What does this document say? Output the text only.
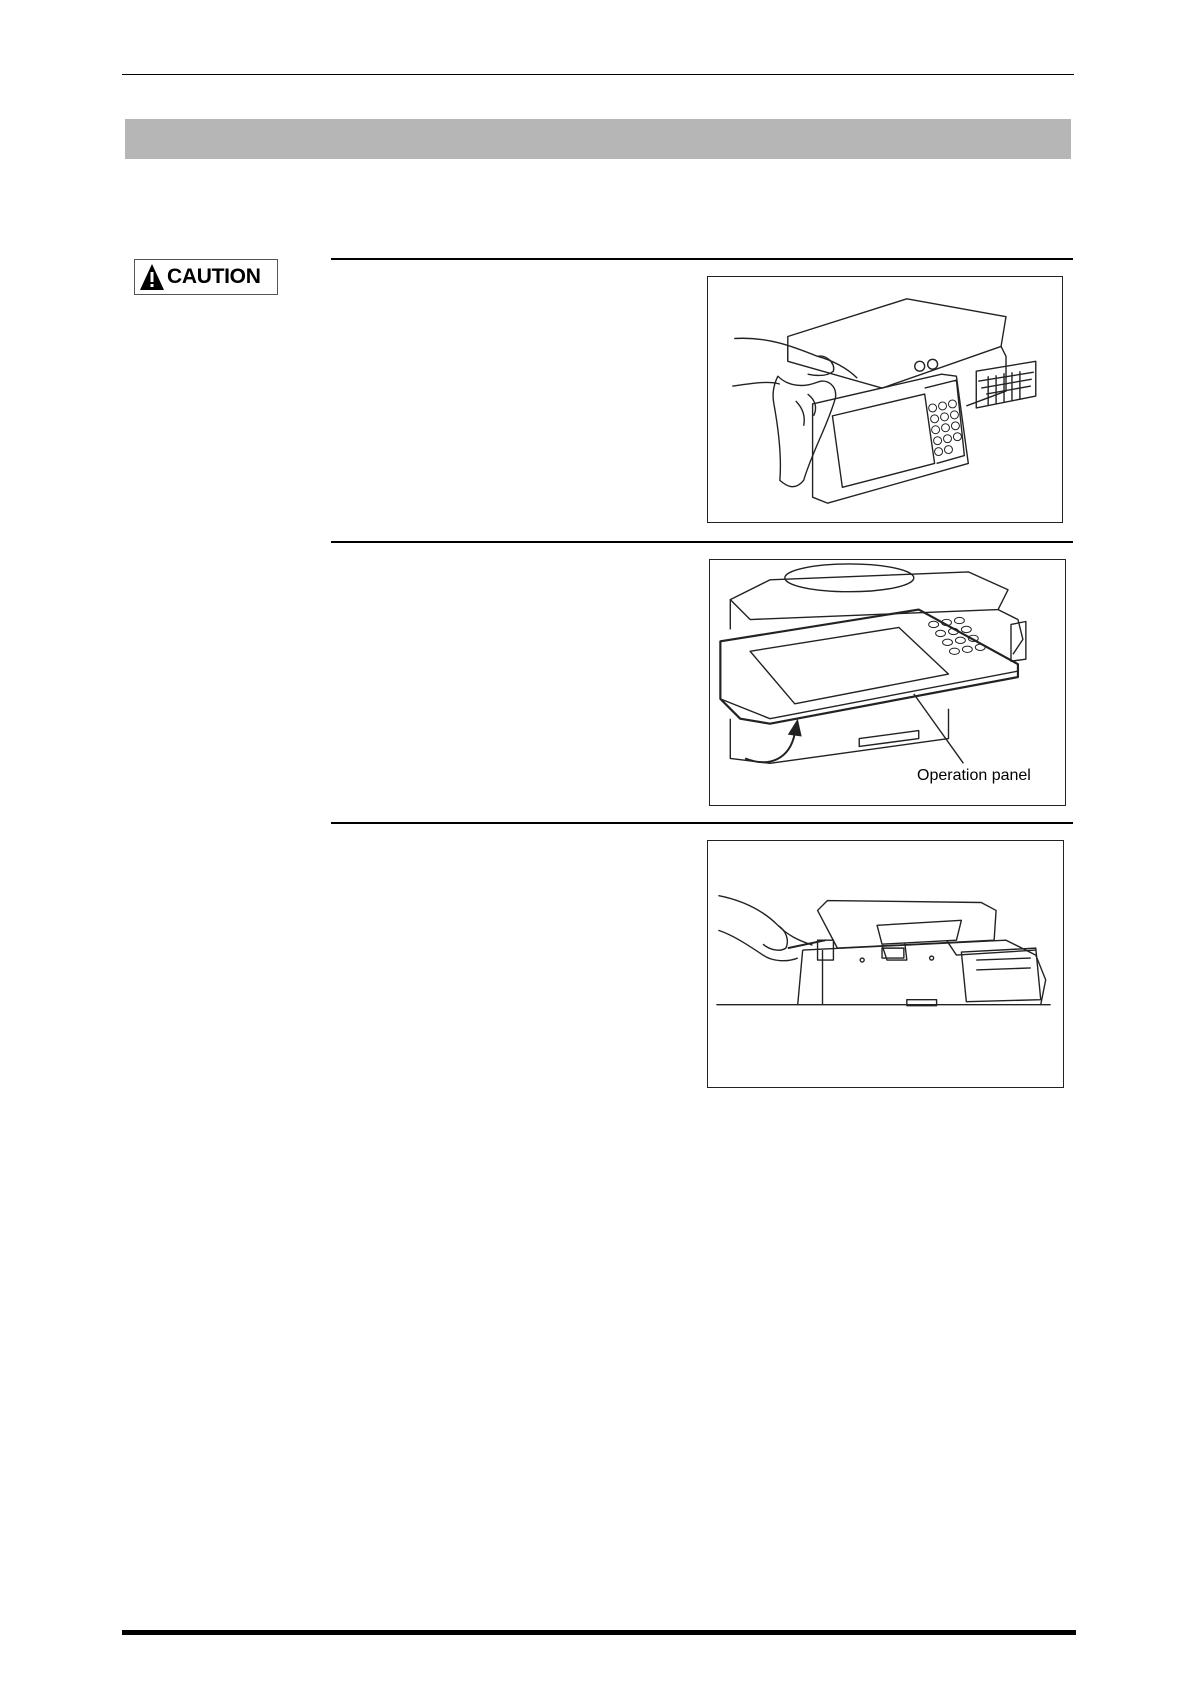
CAUTION
Operation panel
